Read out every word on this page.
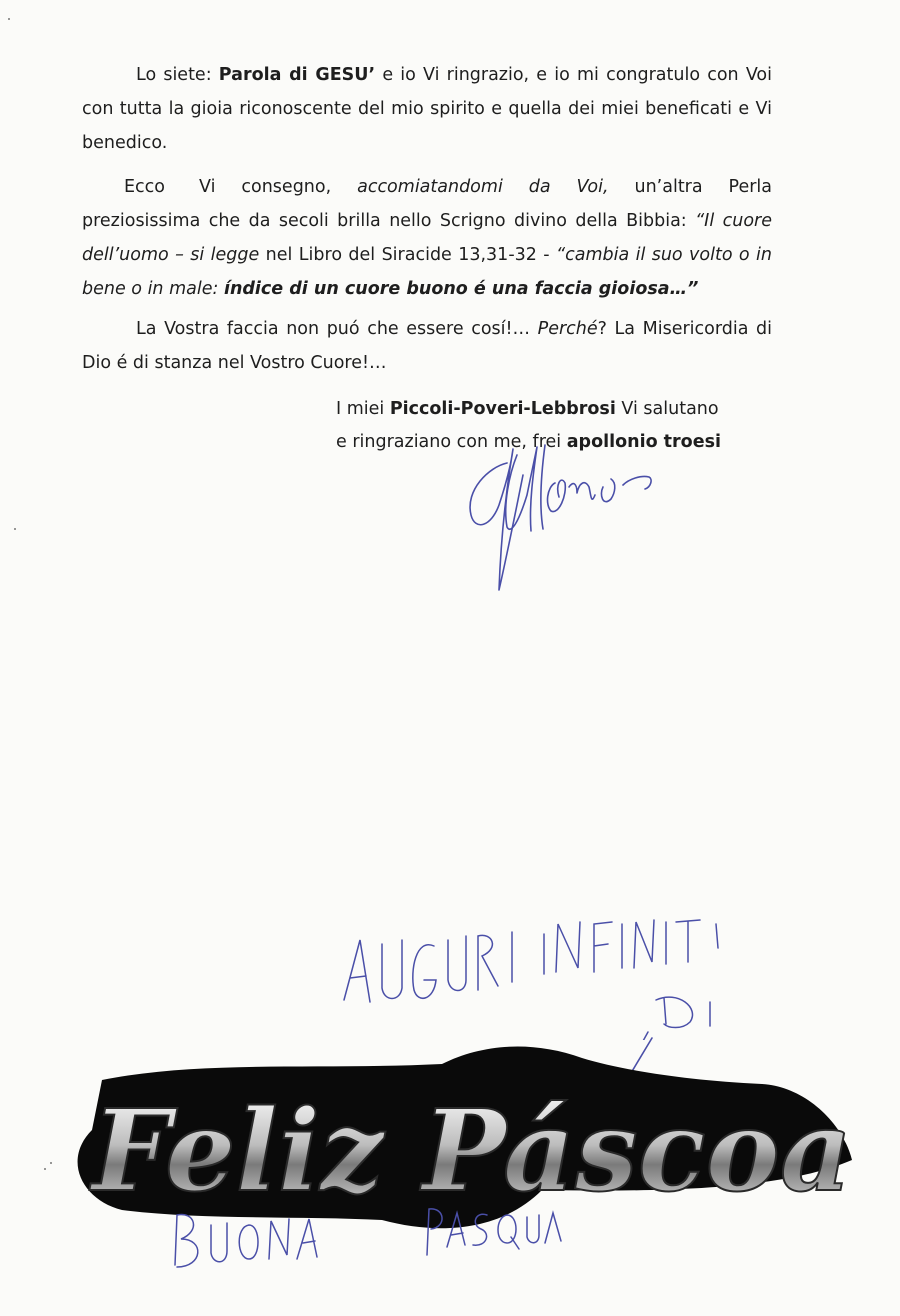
Lo siete: Parola di GESU’ e io Vi ringrazio, e io mi congratulo con Voi con tutta la gioia riconoscente del mio spirito e quella dei miei beneficati e Vi benedico.

Ecco Vi consegno, accomiatandomi da Voi, un’altra Perla preziosissima che da secoli brilla nello Scrigno divino della Bibbia: “Il cuore dell’uomo – si legge nel Libro del Siracide 13,31-32 - “cambia il suo volto o in bene o in male: índice di un cuore buono é una faccia gioiosa…”

La Vostra faccia non puó che essere cosí!… Perché? La Misericordia di Dio é di stanza nel Vostro Cuore!…

I miei Piccoli-Poveri-Lebbrosi Vi salutano
e ringraziano con me, frei apollonio troesi
Feliz Páscoa
